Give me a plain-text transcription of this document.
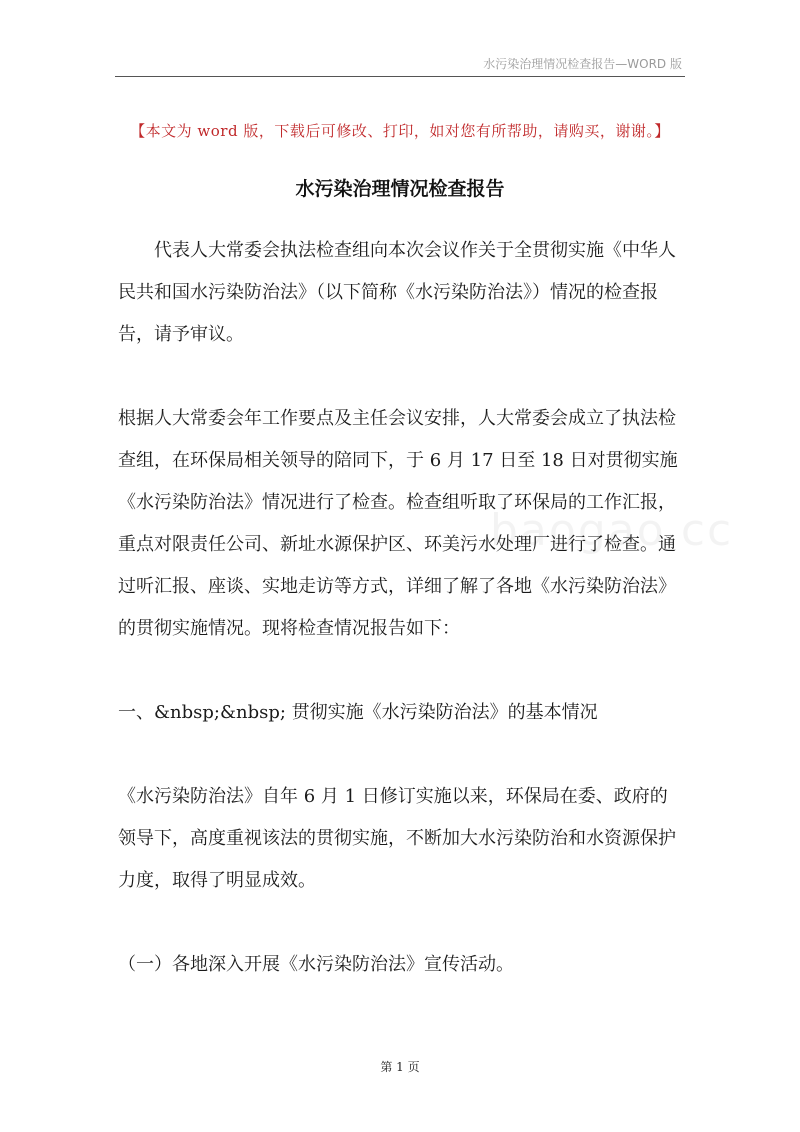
水污染治理情况检查报告—WORD 版
【本文为 word 版，下载后可修改、打印，如对您有所帮助，请购买，谢谢。】
水污染治理情况检查报告

代表人大常委会执法检查组向本次会议作关于全贯彻实施《中华人民共和国水污染防治法》（以下简称《水污染防治法》）情况的检查报告，请予审议。

根据人大常委会年工作要点及主任会议安排，人大常委会成立了执法检查组，在环保局相关领导的陪同下，于 6 月 17 日至 18 日对贯彻实施《水污染防治法》情况进行了检查。检查组听取了环保局的工作汇报，重点对限责任公司、新址水源保护区、环美污水处理厂进行了检查。通过听汇报、座谈、实地走访等方式，详细了解了各地《水污染防治法》的贯彻实施情况。现将检查情况报告如下：

一、&nbsp;&nbsp; 贯彻实施《水污染防治法》的基本情况

《水污染防治法》自年 6 月 1 日修订实施以来，环保局在委、政府的领导下，高度重视该法的贯彻实施，不断加大水污染防治和水资源保护力度，取得了明显成效。

（一）各地深入开展《水污染防治法》宣传活动。

第 1 页
